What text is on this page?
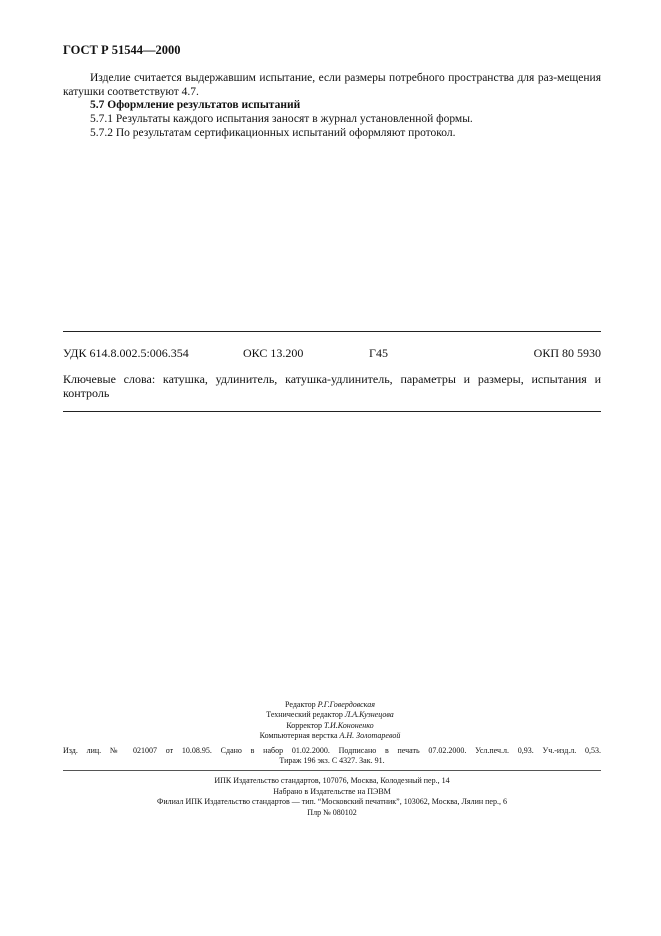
ГОСТ Р 51544—2000
Изделие считается выдержавшим испытание, если размеры потребного пространства для раз-мещения катушки соответствуют 4.7.
5.7 Оформление результатов испытаний
5.7.1 Результаты каждого испытания заносят в журнал установленной формы.
5.7.2 По результатам сертификационных испытаний оформляют протокол.
УДК 614.8.002.5:006.354	ОКС 13.200	Г45	ОКП 80 5930
Ключевые слова: катушка, удлинитель, катушка-удлинитель, параметры и размеры, испытания и контроль
Редактор Р.Г.Говердовская
Технический редактор Л.А.Кузнецова
Корректор Т.И.Кононенко
Компьютерная верстка А.Н. Золотаревой
Изд. лиц. № 021007 от 10.08.95. Сдано в набор 01.02.2000. Подписано в печать 07.02.2000. Усл.печ.л. 0,93. Уч.-изд.л. 0,53.
Тираж 196 экз. С 4327. Зак. 91.
ИПК Издательство стандартов, 107076, Москва, Колодезный пер., 14
Набрано в Издательстве на ПЭВМ
Филиал ИПК Издательство стандартов — тип. “Московский печатник”, 103062, Москва, Лялин пер., 6
Плр № 080102
